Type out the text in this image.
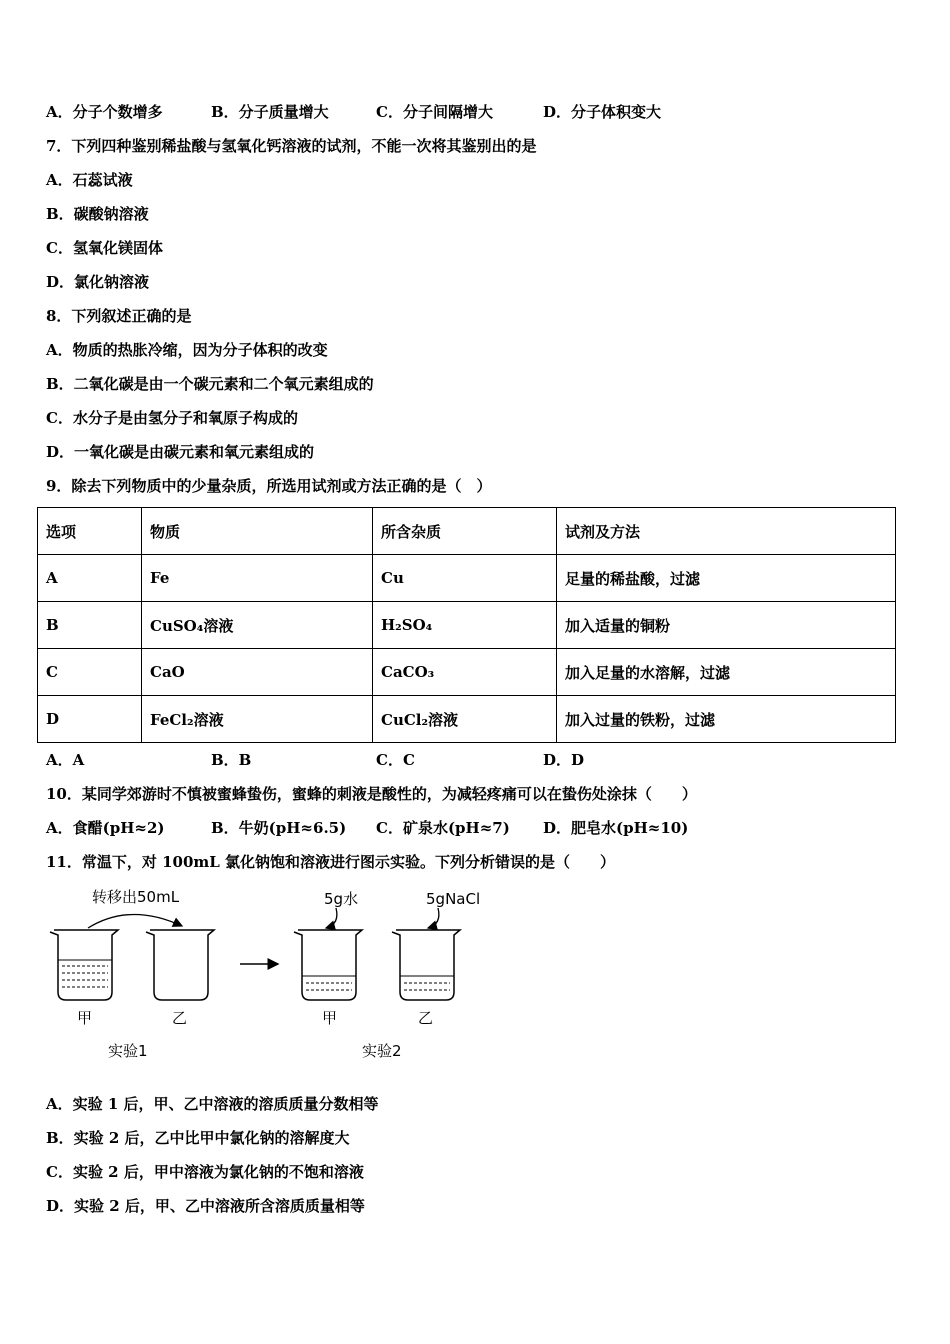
A．分子个数增多	B．分子质量增大	C．分子间隔增大	D．分子体积变大
7．下列四种鉴别稀盐酸与氢氧化钙溶液的试剂，不能一次将其鉴别出的是
A．石蕊试液
B．碳酸钠溶液
C．氢氧化镁固体
D．氯化钠溶液
8．下列叙述正确的是
A．物质的热胀冷缩，因为分子体积的改变
B．二氧化碳是由一个碳元素和二个氧元素组成的
C．水分子是由氢分子和氧原子构成的
D．一氧化碳是由碳元素和氧元素组成的
9．除去下列物质中的少量杂质，所选用试剂或方法正确的是（　）
选项	物质	所含杂质	试剂及方法
A	Fe	Cu	足量的稀盐酸，过滤
B	CuSO₄溶液	H₂SO₄	加入适量的铜粉
C	CaO	CaCO₃	加入足量的水溶解，过滤
D	FeCl₂溶液	CuCl₂溶液	加入过量的铁粉，过滤
A．A	B．B	C．C	D．D
10．某同学郊游时不慎被蜜蜂蛰伤，蜜蜂的刺液是酸性的，为减轻疼痛可以在蛰伤处涂抹（　　）
A．食醋(pH≈2)	B．牛奶(pH≈6.5) C．矿泉水(pH≈7) D．肥皂水(pH≈10)
11．常温下，对 100mL 氯化钠饱和溶液进行图示实验。下列分析错误的是（　　）
转移出50mL
甲	乙
实验1
5g水	5gNaCl
甲	乙
实验2
A．实验 1 后，甲、乙中溶液的溶质质量分数相等
B．实验 2 后，乙中比甲中氯化钠的溶解度大
C．实验 2 后，甲中溶液为氯化钠的不饱和溶液
D．实验 2 后，甲、乙中溶液所含溶质质量相等
